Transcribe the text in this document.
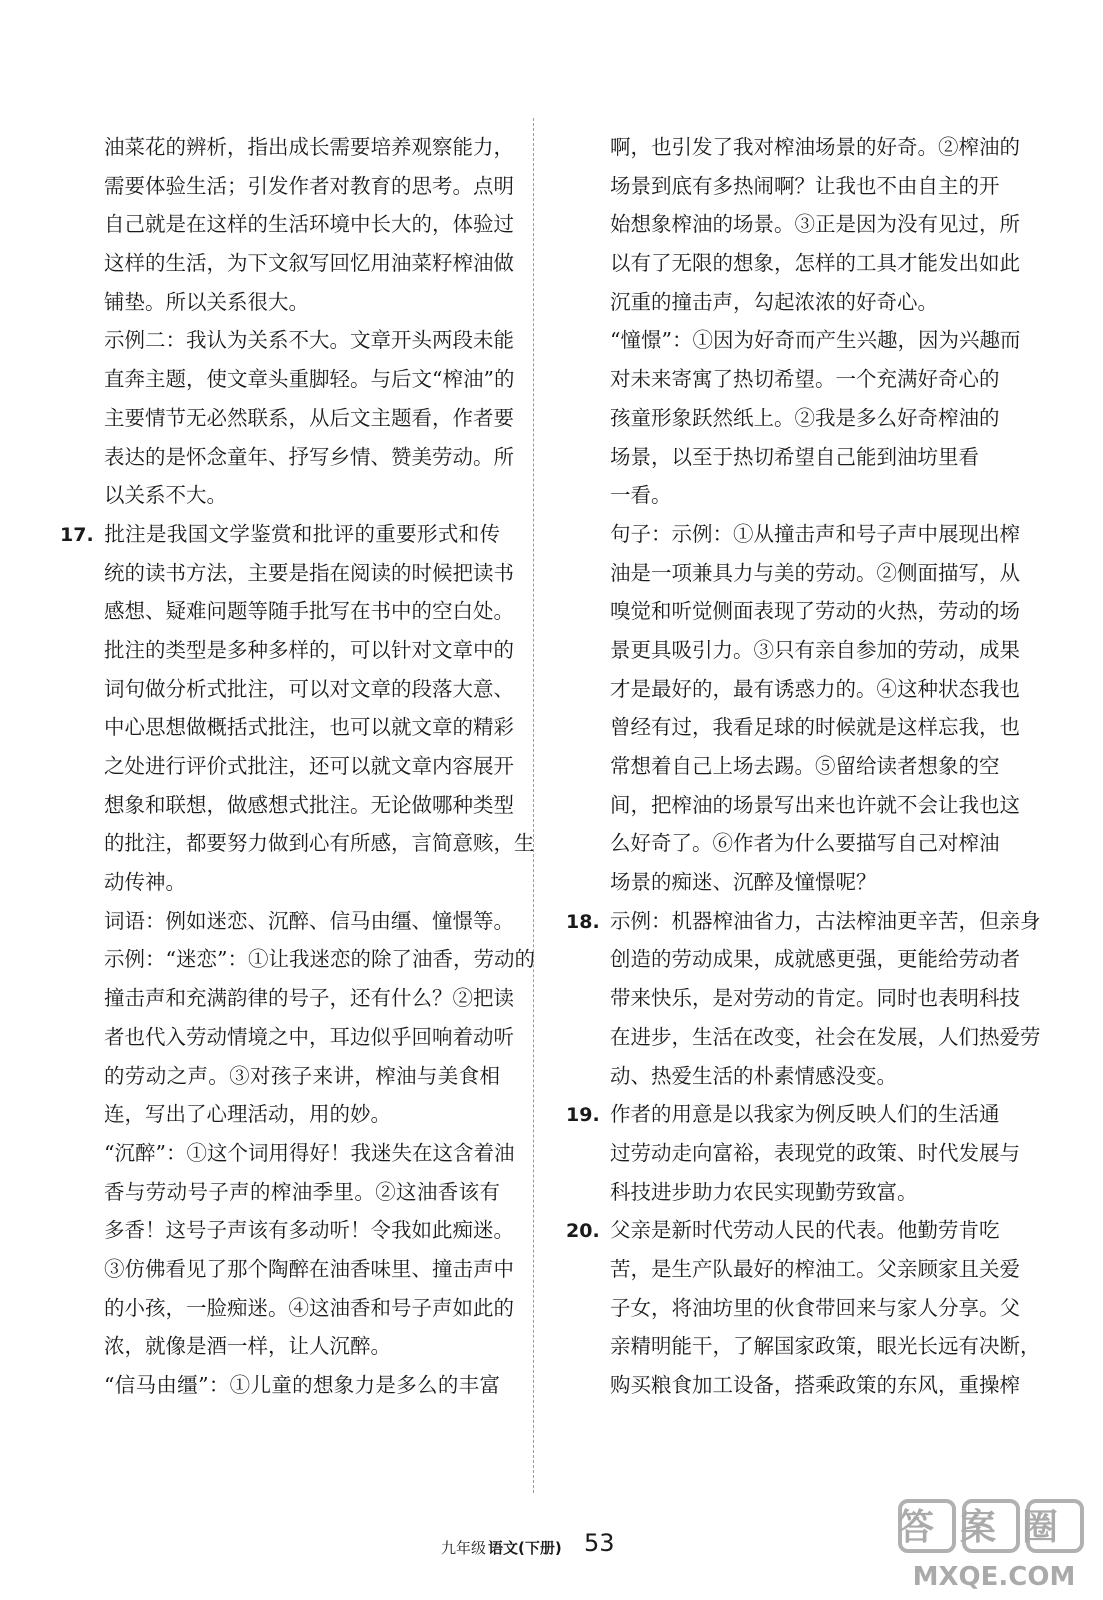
油菜花的辨析，指出成长需要培养观察能力，
需要体验生活；引发作者对教育的思考。点明
自己就是在这样的生活环境中长大的，体验过
这样的生活，为下文叙写回忆用油菜籽榨油做
铺垫。所以关系很大。
示例二：我认为关系不大。文章开头两段未能
直奔主题，使文章头重脚轻。与后文“榨油”的
主要情节无必然联系，从后文主题看，作者要
表达的是怀念童年、抒写乡情、赞美劳动。所
以关系不大。
17. 批注是我国文学鉴赏和批评的重要形式和传
统的读书方法，主要是指在阅读的时候把读书
感想、疑难问题等随手批写在书中的空白处。
批注的类型是多种多样的，可以针对文章中的
词句做分析式批注，可以对文章的段落大意、
中心思想做概括式批注，也可以就文章的精彩
之处进行评价式批注，还可以就文章内容展开
想象和联想，做感想式批注。无论做哪种类型
的批注，都要努力做到心有所感，言简意赅，生
动传神。
词语：例如迷恋、沉醉、信马由缰、憧憬等。
示例：“迷恋”：①让我迷恋的除了油香，劳动的
撞击声和充满韵律的号子，还有什么？②把读
者也代入劳动情境之中，耳边似乎回响着动听
的劳动之声。③对孩子来讲，榨油与美食相
连，写出了心理活动，用的妙。
“沉醉”：①这个词用得好！我迷失在这含着油
香与劳动号子声的榨油季里。②这油香该有
多香！这号子声该有多动听！令我如此痴迷。
③仿佛看见了那个陶醉在油香味里、撞击声中
的小孩，一脸痴迷。④这油香和号子声如此的
浓，就像是酒一样，让人沉醉。
“信马由缰”：①儿童的想象力是多么的丰富
啊，也引发了我对榨油场景的好奇。②榨油的
场景到底有多热闹啊？让我也不由自主的开
始想象榨油的场景。③正是因为没有见过，所
以有了无限的想象，怎样的工具才能发出如此
沉重的撞击声，勾起浓浓的好奇心。
“憧憬”：①因为好奇而产生兴趣，因为兴趣而
对未来寄寓了热切希望。一个充满好奇心的
孩童形象跃然纸上。②我是多么好奇榨油的
场景，以至于热切希望自己能到油坊里看
一看。
句子：示例：①从撞击声和号子声中展现出榨
油是一项兼具力与美的劳动。②侧面描写，从
嗅觉和听觉侧面表现了劳动的火热，劳动的场
景更具吸引力。③只有亲自参加的劳动，成果
才是最好的，最有诱惑力的。④这种状态我也
曾经有过，我看足球的时候就是这样忘我，也
常想着自己上场去踢。⑤留给读者想象的空
间，把榨油的场景写出来也许就不会让我也这
么好奇了。⑥作者为什么要描写自己对榨油
场景的痴迷、沉醉及憧憬呢？
18. 示例：机器榨油省力，古法榨油更辛苦，但亲身
创造的劳动成果，成就感更强，更能给劳动者
带来快乐，是对劳动的肯定。同时也表明科技
在进步，生活在改变，社会在发展，人们热爱劳
动、热爱生活的朴素情感没变。
19. 作者的用意是以我家为例反映人们的生活通
过劳动走向富裕，表现党的政策、时代发展与
科技进步助力农民实现勤劳致富。
20. 父亲是新时代劳动人民的代表。他勤劳肯吃
苦，是生产队最好的榨油工。父亲顾家且关爱
子女，将油坊里的伙食带回来与家人分享。父
亲精明能干，了解国家政策，眼光长远有决断，
购买粮食加工设备，搭乘政策的东风，重操榨
九年级 语文(下册) 53	答案圈
MXQE.COM
